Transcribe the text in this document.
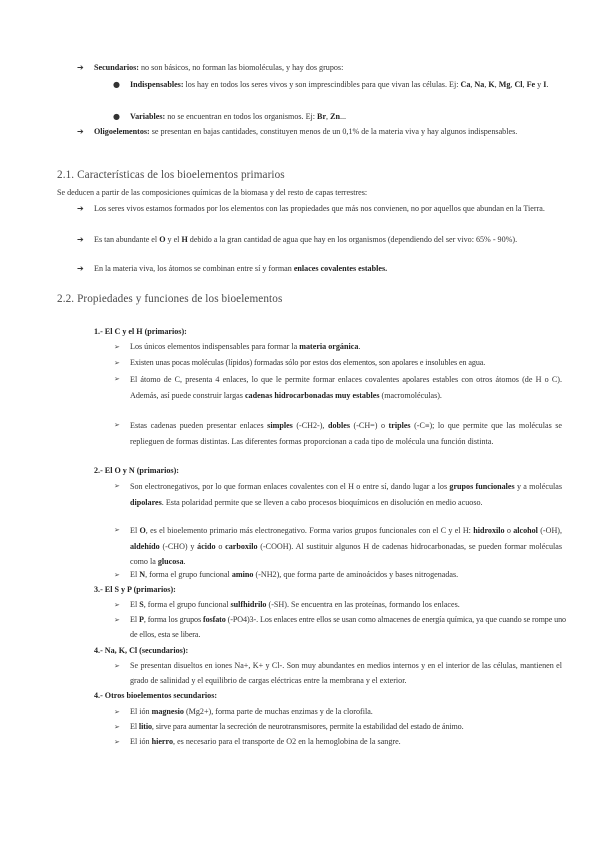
➔ Secundarios: no son básicos, no forman las biomoléculas, y hay dos grupos:
● Indispensables: los hay en todos los seres vivos y son imprescindibles para que vivan las células. Ej: Ca, Na, K, Mg, Cl, Fe y I.
● Variables: no se encuentran en todos los organismos. Ej: Br, Zn...
➔ Oligoelementos: se presentan en bajas cantidades, constituyen menos de un 0,1% de la materia viva y hay algunos indispensables.
2.1. Características de los bioelementos primarios
Se deducen a partir de las composiciones químicas de la biomasa y del resto de capas terrestres:
➔ Los seres vivos estamos formados por los elementos con las propiedades que más nos convienen, no por aquellos que abundan en la Tierra.
➔ Es tan abundante el O y el H debido a la gran cantidad de agua que hay en los organismos (dependiendo del ser vivo: 65% - 90%).
➔ En la materia viva, los átomos se combinan entre sí y forman enlaces covalentes estables.
2.2. Propiedades y funciones de los bioelementos
1.- El C y el H (primarios):
➢ Los únicos elementos indispensables para formar la materia orgánica.
➢ Existen unas pocas moléculas (lípidos) formadas sólo por estos dos elementos, son apolares e insolubles en agua.
➢ El átomo de C, presenta 4 enlaces, lo que le permite formar enlaces covalentes apolares estables con otros átomos (de H o C). Además, así puede construir largas cadenas hidrocarbonadas muy estables (macromoléculas).
➢ Estas cadenas pueden presentar enlaces simples (-CH2-), dobles (-CH=) o triples (-C≡); lo que permite que las moléculas se replieguen de formas distintas. Las diferentes formas proporcionan a cada tipo de molécula una función distinta.
2.- El O y N (primarios):
➢ Son electronegativos, por lo que forman enlaces covalentes con el H o entre sí, dando lugar a los grupos funcionales y a moléculas dipolares. Esta polaridad permite que se lleven a cabo procesos bioquímicos en disolución en medio acuoso.
➢ El O, es el bioelemento primario más electronegativo. Forma varios grupos funcionales con el C y el H: hidroxilo o alcohol (-OH), aldehído (-CHO) y ácido o carboxilo (-COOH). Al sustituir algunos H de cadenas hidrocarbonadas, se pueden formar moléculas como la glucosa.
➢ El N, forma el grupo funcional amino (-NH2), que forma parte de aminoácidos y bases nitrogenadas.
3.- El S y P (primarios):
➢ El S, forma el grupo funcional sulfhidrilo (-SH). Se encuentra en las proteínas, formando los enlaces.
➢ El P, forma los grupos fosfato (-PO4)3-. Los enlaces entre ellos se usan como almacenes de energía química, ya que cuando se rompe uno de ellos, esta se libera.
4.- Na, K, Cl (secundarios):
➢ Se presentan disueltos en iones Na+, K+ y Cl-. Son muy abundantes en medios internos y en el interior de las células, mantienen el grado de salinidad y el equilibrio de cargas eléctricas entre la membrana y el exterior.
4.- Otros bioelementos secundarios:
➢ El ión magnesio (Mg2+), forma parte de muchas enzimas y de la clorofila.
➢ El litio, sirve para aumentar la secreción de neurotransmisores, permite la estabilidad del estado de ánimo.
➢ El ión hierro, es necesario para el transporte de O2 en la hemoglobina de la sangre.
